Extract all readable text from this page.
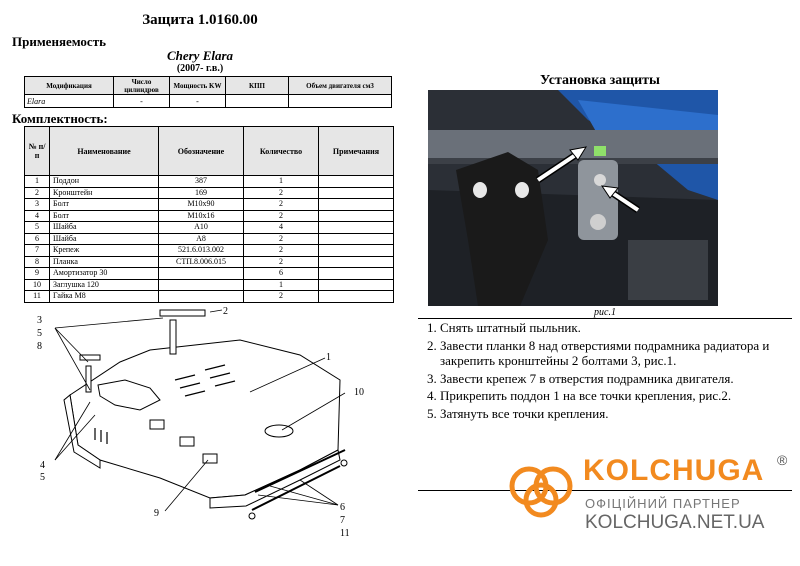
Защита 1.0160.00
Применяемость
Chery Elara
(2007- г.в.)
Модификация	Число цилиндров	Мощность KW	КПП	Объем двигателя см3
Elara	-	-		
Комплектность:
№ п/п	Наименование	Обозначение	Количество	Примечания
1	Поддон	387	1	
2	Кронштейн	169	2	
3	Болт	М10х90	2	
4	Болт	М10х16	2	
5	Шайба	А10	4	
6	Шайба	А8	2	
7	Крепеж	521.6.013.002	2	
8	Планка	СТП.8.006.015	2	
9	Амортизатор 30		6	
10	Заглушка 120		1	
11	Гайка М8		2	
2
3
5
8
1
10
4
5
9
6
7
11
Установка защиты
рис.1
1. Снять штатный пыльник.
2. Завести планки 8 над отверстиями подрамника радиатора и закрепить кронштейны 2 болтами 3, рис.1.
3. Завести крепеж 7 в отверстия подрамника двигателя.
4. Прикрепить поддон 1 на все точки крепления, рис.2.
5. Затянуть все точки крепления.
KOLCHUGA ®
ОФІЦІЙНИЙ ПАРТНЕР
KOLCHUGA.NET.UA
